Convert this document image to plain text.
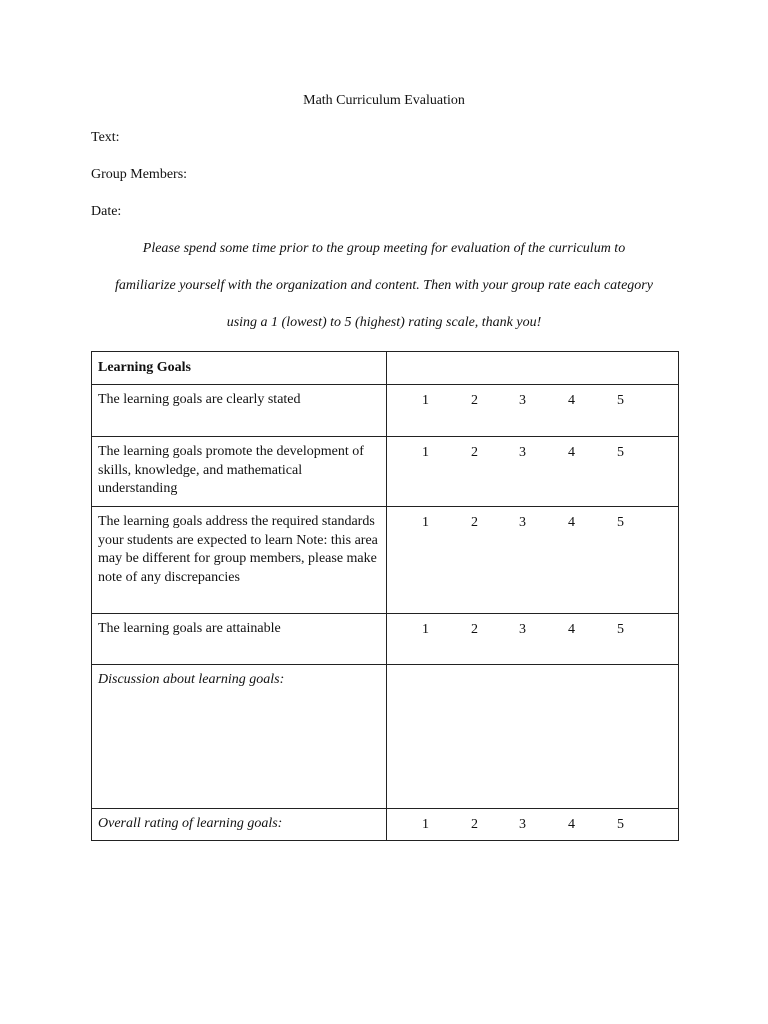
Math Curriculum Evaluation
Text:
Group Members:
Date:
Please spend some time prior to the group meeting for evaluation of the curriculum to
familiarize yourself with the organization and content. Then with your group rate each category
using a 1 (lowest) to 5 (highest) rating scale, thank you!
Learning Goals	

The learning goals are clearly stated	1 2 3 4 5

The learning goals promote the development of skills, knowledge, and mathematical understanding	1 2 3 4 5

The learning goals address the required standards your students are expected to learn Note: this area may be different for group members, please make note of any discrepancies	1 2 3 4 5

The learning goals are attainable	1 2 3 4 5

Discussion about learning goals:	

Overall rating of learning goals:	1 2 3 4 5
